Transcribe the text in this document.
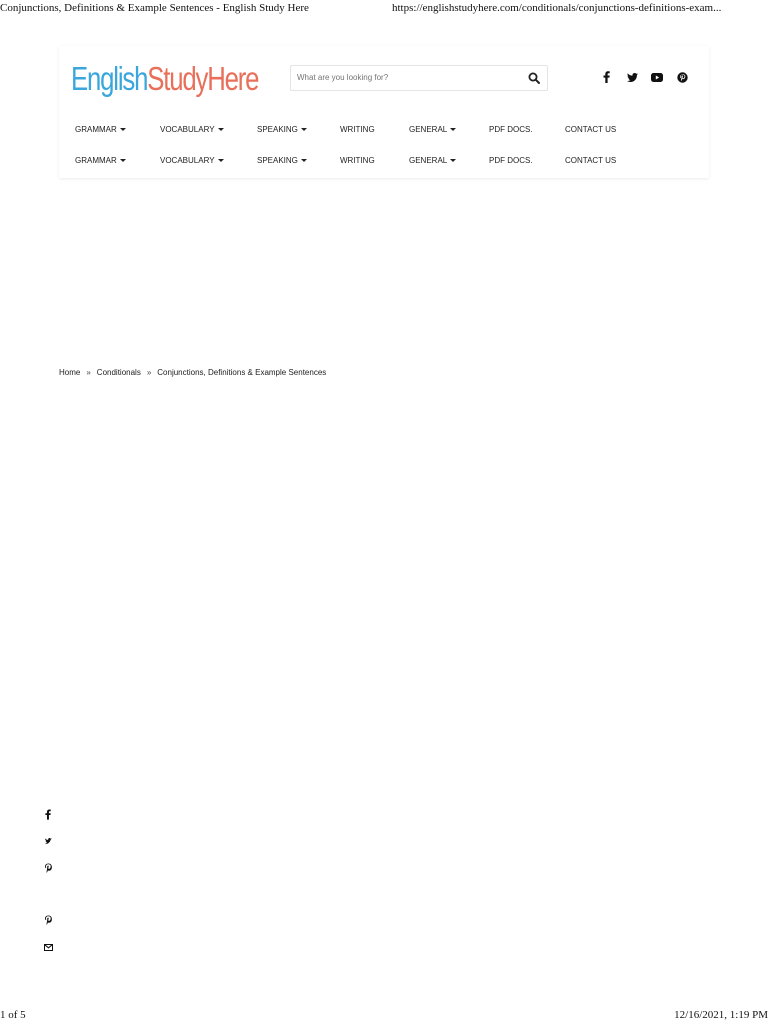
Conjunctions, Definitions & Example Sentences - English Study Here	https://englishstudyhere.com/conditionals/conjunctions-definitions-exam...
EnglishStudyHere
What are you looking for?
GRAMMAR	VOCABULARY	SPEAKING	WRITING	GENERAL	PDF DOCS.	CONTACT US
GRAMMAR	VOCABULARY	SPEAKING	WRITING	GENERAL	PDF DOCS.	CONTACT US
Home » Conditionals » Conjunctions, Definitions & Example Sentences
1 of 5	12/16/2021, 1:19 PM
